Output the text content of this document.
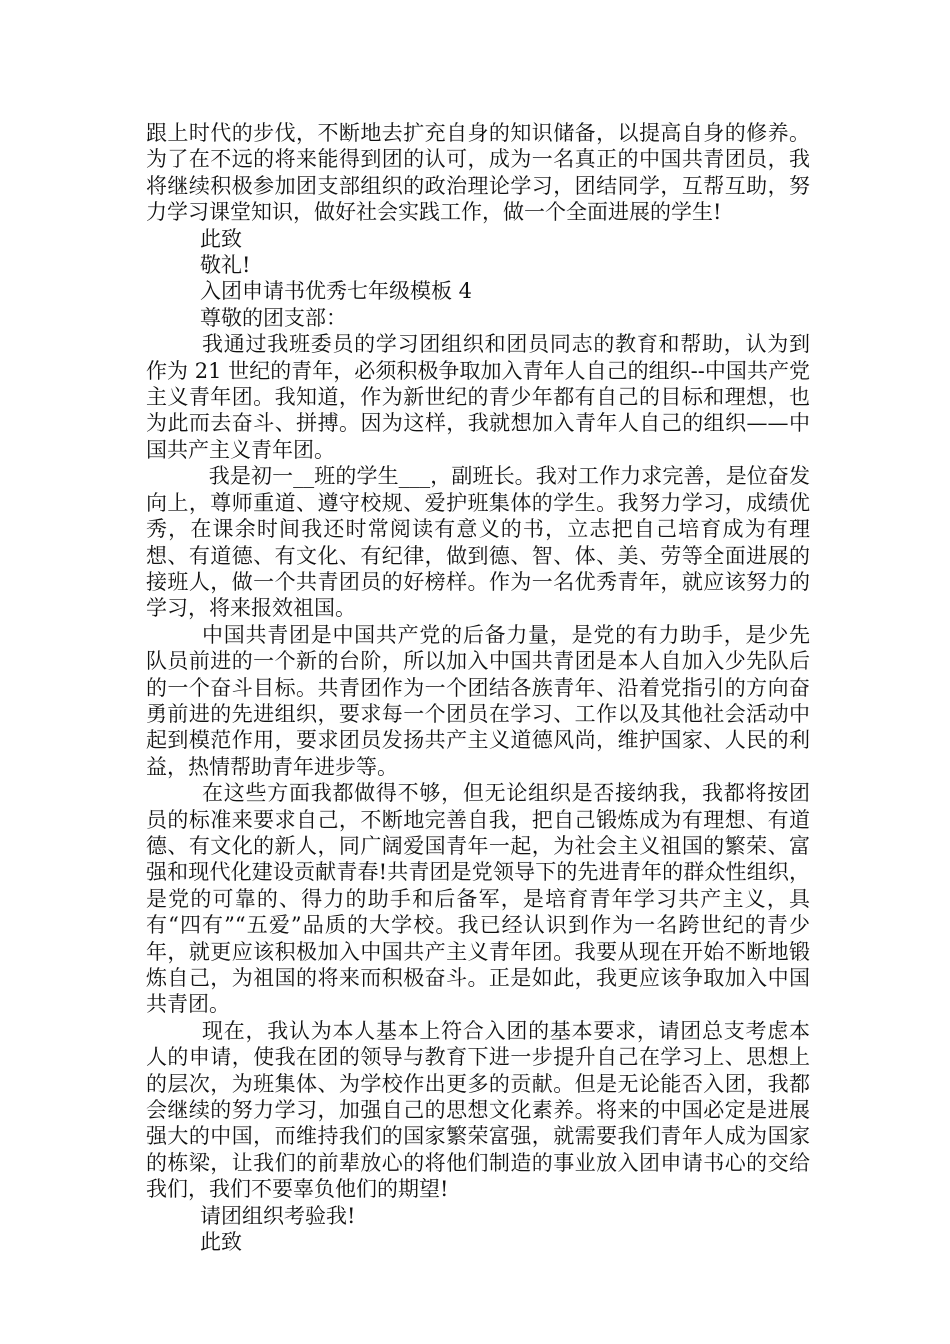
跟上时代的步伐，不断地去扩充自身的知识储备，以提高自身的修养。为了在不远的将来能得到团的认可，成为一名真正的中国共青团员，我将继续积极参加团支部组织的政治理论学习，团结同学，互帮互助，努力学习课堂知识，做好社会实践工作，做一个全面进展的学生!

此致

敬礼!

入团申请书优秀七年级模板 4

尊敬的团支部：

我通过我班委员的学习团组织和团员同志的教育和帮助，认为到作为 21 世纪的青年，必须积极争取加入青年人自己的组织--中国共产党主义青年团。我知道，作为新世纪的青少年都有自己的目标和理想，也为此而去奋斗、拼搏。因为这样，我就想加入青年人自己的组织——中国共产主义青年团。

我是初一__班的学生___，副班长。我对工作力求完善，是位奋发向上，尊师重道、遵守校规、爱护班集体的学生。我努力学习，成绩优秀，在课余时间我还时常阅读有意义的书，立志把自己培育成为有理想、有道德、有文化、有纪律，做到德、智、体、美、劳等全面进展的接班人，做一个共青团员的好榜样。作为一名优秀青年，就应该努力的学习，将来报效祖国。

中国共青团是中国共产党的后备力量，是党的有力助手，是少先队员前进的一个新的台阶，所以加入中国共青团是本人自加入少先队后的一个奋斗目标。共青团作为一个团结各族青年、沿着党指引的方向奋勇前进的先进组织，要求每一个团员在学习、工作以及其他社会活动中起到模范作用，要求团员发扬共产主义道德风尚，维护国家、人民的利益，热情帮助青年进步等。

在这些方面我都做得不够，但无论组织是否接纳我，我都将按团员的标准来要求自己，不断地完善自我，把自己锻炼成为有理想、有道德、有文化的新人，同广阔爱国青年一起，为社会主义祖国的繁荣、富强和现代化建设贡献青春!共青团是党领导下的先进青年的群众性组织，是党的可靠的、得力的助手和后备军，是培育青年学习共产主义，具有“四有”“五爱”品质的大学校。我已经认识到作为一名跨世纪的青少年，就更应该积极加入中国共产主义青年团。我要从现在开始不断地锻炼自己，为祖国的将来而积极奋斗。正是如此，我更应该争取加入中国共青团。

现在，我认为本人基本上符合入团的基本要求，请团总支考虑本人的申请，使我在团的领导与教育下进一步提升自己在学习上、思想上的层次，为班集体、为学校作出更多的贡献。但是无论能否入团，我都会继续的努力学习，加强自己的思想文化素养。将来的中国必定是进展强大的中国，而维持我们的国家繁荣富强，就需要我们青年人成为国家的栋梁，让我们的前辈放心的将他们制造的事业放入团申请书心的交给我们，我们不要辜负他们的期望!

请团组织考验我!

此致
